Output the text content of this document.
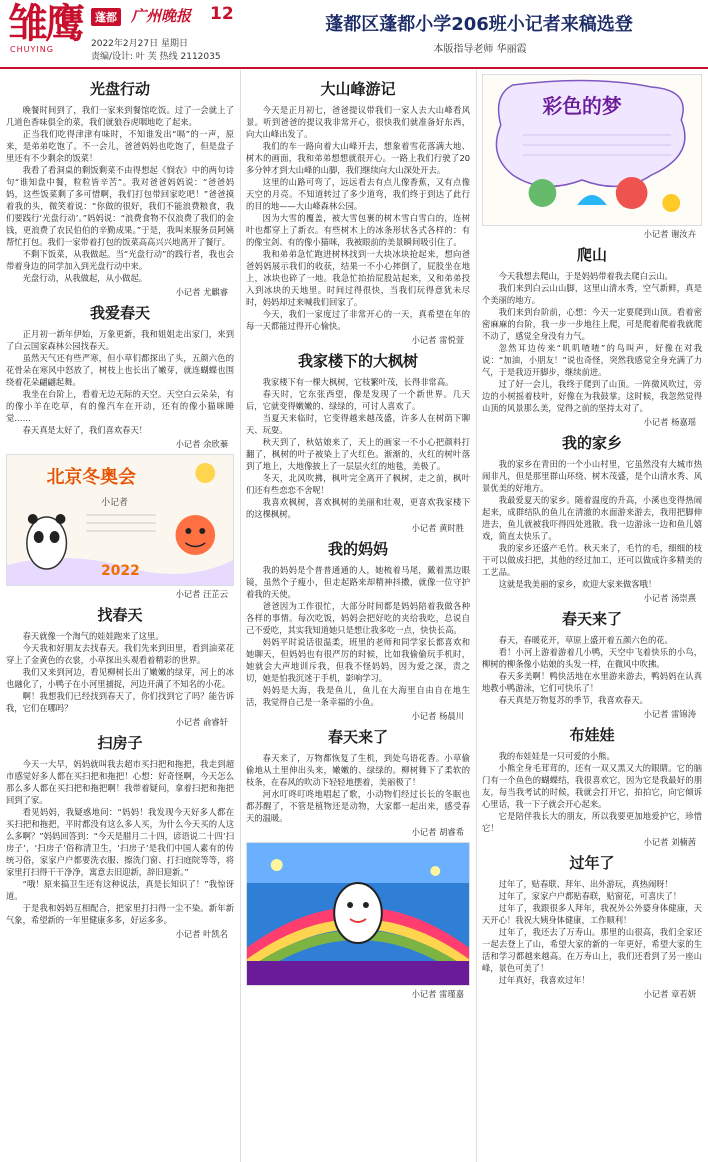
雏鹰
CHUYING
蓬都 广州晚报 12
2022年2月27日 星期日
责编/设计: 叶 芙 热线 2112035
蓬都区蓬都小学206班小记者来稿选登
本版指导老师 华丽霞
光盘行动

晚餐时间到了，我们一家来到餐馆吃饭。过了一会就上了几道色香味俱全的菜，我们就狼吞虎咽地吃了起来。

正当我们吃得津津有味时，不知谁发出“嗝”的一声，原来，是弟弟吃饱了。不一会儿，爸爸妈妈也吃饱了，但是盘子里还有不少剩余的饭菜！

我看了看洞桌的剩饭剩菜不由得想起《悯农》中的两句诗句“谁知盘中餐，粒粒皆辛苦”。我对爸爸妈妈说：“爸爸妈妈，这些饭菜剩了多可惜啊，我们打包带回家吃吧！”爸爸摸着我的头，微笑着说：“你做的很好，我们不能浪费粮食，我们要践行‘光盘行动’。”妈妈说：“浪费食物不仅浪费了我们的金钱，更浪费了农民伯伯的辛勤成果。”于是，我叫来服务员阿姨帮忙打包。我们一家带着打包的饭菜高高兴兴地离开了餐厅。

不剩下饭菜，从我做起。当“光盘行动”的践行者，我也会带着身边的同学加入到光盘行动中来。

光盘行动，从我做起，从小做起。

小记者 尤麒睿
我爱春天

正月初一新年伊始，万象更新，我和姐姐走出家门，来到了白云国家森林公园找春天。

虽然天气还有些严寒，但小草们都探出了头，五颜六色的花骨朵在寒风中怒放了，树枝上也长出了嫩芽，就连蝴蝶也围绕着花朵翩翩起舞。

我坐在台阶上，看着无边无际的天空。天空白云朵朵，有的像小羊在吃草，有的像汽车在开动，还有的像小猫咪睡觉……

春天真是太好了，我们喜欢春天！

小记者 余欣蓁
北京冬奥会
小记者
2022
小记者 汪芷云
找春天

春天就像一个淘气的娃娃跑来了这里。

今天我和好朋友去找春天。我们先来到田里，看到油菜花穿上了金黄色的衣裳，小草探出头观看着精彩的世界。

我们又来到河边，看见柳树长出了嫩嫩的绿芽，河上的冰也融化了，小鸭子在小河里捕捉，河边开满了不知名的小花。

啊！我想我们已经找到春天了，你们找到它了吗？能告诉我，它们在哪吗？

小记者 俞睿轩
扫房子

今天一大早，妈妈就叫我去超市买扫把和拖把，我走到超市感觉好多人都在买扫把和拖把！心想：好奇怪啊，今天怎么那么多人都在买扫把和拖把啊！我带着疑问，拿着扫把和拖把回到了家。

看见妈妈，我疑惑地问：“妈妈！我发现今天好多人都在买扫把和拖把，平时都没有这么多人买，为什么今天买的人这么多啊？”妈妈回答到：“今天是腊月二十四，谚语说二十四‘扫房子’，‘扫房子’俗称清卫生，‘扫房子’是我们中国人素有的传统习俗，家家户户都要洗衣服、擦洗门窗、打扫庭院等等，将家里打扫得干干净净，寓意去旧迎新，辞旧迎新。”

“哦！原来搞卫生还有这种说法，真是长知识了！”我惊讶道。

于是我和妈妈互相配合，把家里打扫得一尘不染。新年新气象，希望新的一年里健康多多，好运多多。

小记者 叶凯名
大山峰游记

今天是正月初七，爸爸提议带我们一家人去大山峰看风景。听到爸爸的提议我非常开心，很快我们就准备好东西，向大山峰出发了。

我们的车一路向着大山峰开去，想象着雪花落满大地、树木的画面，我和弟弟想想就很开心。一路上我们行驶了20多分钟才到大山峰的山脚，我们继续向大山深处开去。

这里的山路可弯了，远远看去有点儿像香蕉，又有点像天空的月亮。不知道转过了多少道弯，我们终于到达了此行的目的地——大山峰森林公园。

因为大雪的覆盖，被大雪包裹的树木雪白雪白的，连树叶也都穿上了新衣。有些树木上的冰条形状各式各样的：有的像宝剑、有的像小猫咪，我被眼前的美景瞬间吸引住了。

我和弟弟急忙跑进树林找到一大块冰块抢起来，想向爸爸妈妈展示我们的收获，结果一不小心摔倒了，屁股坐在地上，冰块也碎了一地。我急忙抬抬屁股站起来，又和弟弟投入到冰块的天地里。时间过得很快，当我们玩得意犹未尽时，妈妈却过来喊我们回家了。

今天，我们一家度过了非常开心的一天，真希望在年的每一天都能过得开心愉快。

小记者 雷悦萱
我家楼下的大枫树

我家楼下有一棵大枫树，它枝繁叶茂，长得非常高。

春天时，它东张西望，像是发现了一个新世界。几天后，它就变得嫩嫩的、绿绿的，可讨人喜欢了。

当夏天来临时，它变得越来越茂盛，许多人在树荫下聊天、玩耍。

秋天到了，秋姑娘来了，天上的画家一不小心把颜料打翻了，枫树的叶子被染上了火红色。渐渐的，火红的树叶落到了地上，大地像披上了一层层火红的地毯，美极了。

冬天，北风吹拂，枫叶完全离开了枫树，走之前，枫叶们还有些恋恋不舍呢！

我喜欢枫树，喜欢枫树的美丽和壮观，更喜欢我家楼下的这棵枫树。

小记者 黄时胜
我的妈妈

我的妈妈是个普普通通的人，她梳着马尾，戴着黑边眼镜，虽然个子瘦小，但走起路来却精神抖擞，就像一位守护着我的天使。

爸爸因为工作很忙，大部分时间都是妈妈陪着我做各种各样的事情。每次吃饭，妈妈会把好吃的夹给我吃，总说自己不爱吃，其实我知道她只是想让我多吃一点，快快长高。

妈妈平时说话很温柔，班里的老师和同学家长都喜欢和她聊天，但妈妈也有很严厉的时候，比如我偷偷玩手机时，她就会大声地训斥我，但我不怪妈妈，因为爱之深，责之切，她是怕我沉迷于手机，影响学习。

妈妈是大海，我是鱼儿，鱼儿在大海里自由自在地生活，我觉得自己是一条幸福的小鱼。

小记者 杨晨川
春天来了

春天来了，万物都恢复了生机，到处鸟语花香。小草偷偷地从土里伸出头来，嫩嫩的、绿绿的。柳树舞下了柔软的枝条，在春风的吹动下轻轻地摆着，美丽极了！

河水叮咚叮咚地唱起了歌，小动物们经过长长的冬眠也都苏醒了，不管是植物还是动物，大家都一起出来，感受春天的温暖。

小记者 胡睿希
小记者 雷瑾嘉
彩色的梦
小记者 谢汝卉
爬山

今天我想去爬山，于是妈妈带着我去爬白云山。

我们来到白云山山脚，这里山清水秀，空气新鲜，真是个美丽的地方。

我们来到台阶前，心想：今天一定要爬到山顶。看着密密麻麻的台阶，我一步一步地往上爬，可是爬着爬着我就爬不动了，感觉全身没有力气。

忽然耳边传来“叽叽喳喳”的鸟叫声，好像在对我说：“加油，小朋友！”说也奇怪，突然我感觉全身充满了力气，于是我迈开脚步，继续前进。

过了好一会儿，我终于爬到了山顶。一阵微风吹过，旁边的小树摇着枝叶，好像在为我鼓掌。这时候，我忽然觉得山顶的风景那么美，觉得之前的坚持太对了。

小记者 杨嘉瑶
我的家乡

我的家乡在青田的一个小山村里，它虽然没有大城市热闹非凡，但是那里群山环绕、树木茂盛，是个山清水秀、风景优美的好地方。

我最爱夏天的家乡。随着温度的升高，小溪也变得热闹起来，成群结队的鱼儿在清澈的水面游来游去，我用把脚伸进去，鱼儿就被我吓得四处逃散。我一边游泳一边和鱼儿嬉戏，简直太快乐了。

我的家乡还盛产毛竹。秋天来了，毛竹的毛，细细的枝干可以做成扫把，其他的经过加工，还可以做成许多精美的工艺品。

这就是我美丽的家乡，欢迎大家来做客哦！

小记者 汤崇熹
春天来了

春天，春暖花开，草原上盛开着五颜六色的花。

看！小河上游着游着几小鸭，天空中飞着快乐的小鸟，柳树的柳条像小姑娘的头发一样，在微风中吹拂。

春天多美啊！鸭快活地在水里游来游去，鸭妈妈在认真地教小鸭游泳，它们可快乐了！

春天真是万物复苏的季节，我喜欢春天。

小记者 雷锦涛
布娃娃

我的布娃娃是一只可爱的小熊。

小熊全身毛茸茸的，还有一双又黑又大的眼睛。它的脑门有一个鱼色的蝴蝶结，我很喜欢它，因为它是我最好的朋友，每当我考试的时候，我就会打开它，拍拍它，向它倾诉心里话，我一下子就会开心起来。

它是陪伴我长大的朋友，所以我要更加地爱护它，珍惜它！

小记者 刘楠茜
过年了

过年了，贴春联、拜年、出外游玩，真热闹呀！

过年了，家家户户都贴春联，贴窗花，可喜庆了！

过年了，我跟很多人拜年，我祝外公外婆身体健康，天天开心！我祝大姨身体健康，工作顺利！

过年了，我还去了万寿山。那里的山很高，我们全家还一起去登上了山，希望大家的新的一年更好，希望大家的生活和学习都越来越高。在万寿山上，我们还看到了另一座山峰，景色可美了！

过年真好，我喜欢过年！

小记者 章若妍
